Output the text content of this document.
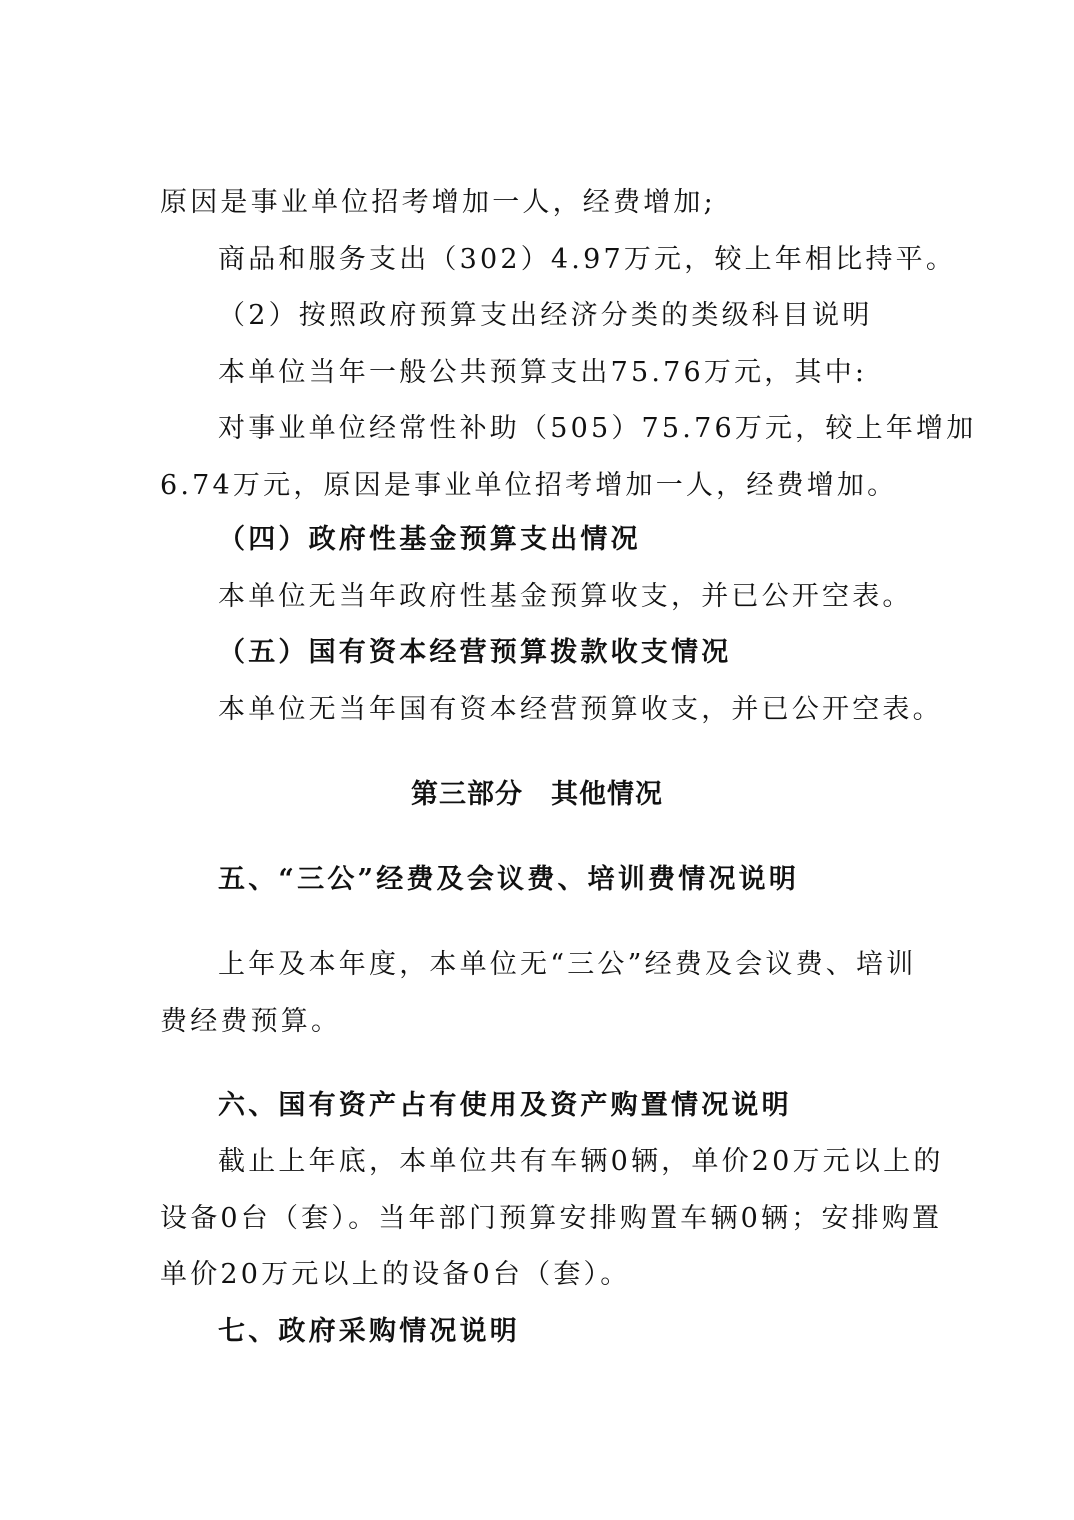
原因是事业单位招考增加一人，经费增加;
商品和服务支出（302）4.97万元，较上年相比持平。
（2）按照政府预算支出经济分类的类级科目说明
本单位当年一般公共预算支出75.76万元，其中:
对事业单位经常性补助（505）75.76万元，较上年增加
6.74万元，原因是事业单位招考增加一人，经费增加。
（四）政府性基金预算支出情况
本单位无当年政府性基金预算收支，并已公开空表。
（五）国有资本经营预算拨款收支情况
本单位无当年国有资本经营预算收支，并已公开空表。
第三部分　其他情况
五、“三公”经费及会议费、培训费情况说明
上年及本年度，本单位无“三公”经费及会议费、培训
费经费预算。
六、国有资产占有使用及资产购置情况说明
截止上年底，本单位共有车辆0辆，单价20万元以上的
设备0台（套）。当年部门预算安排购置车辆0辆；安排购置
单价20万元以上的设备0台（套）。
七、政府采购情况说明
